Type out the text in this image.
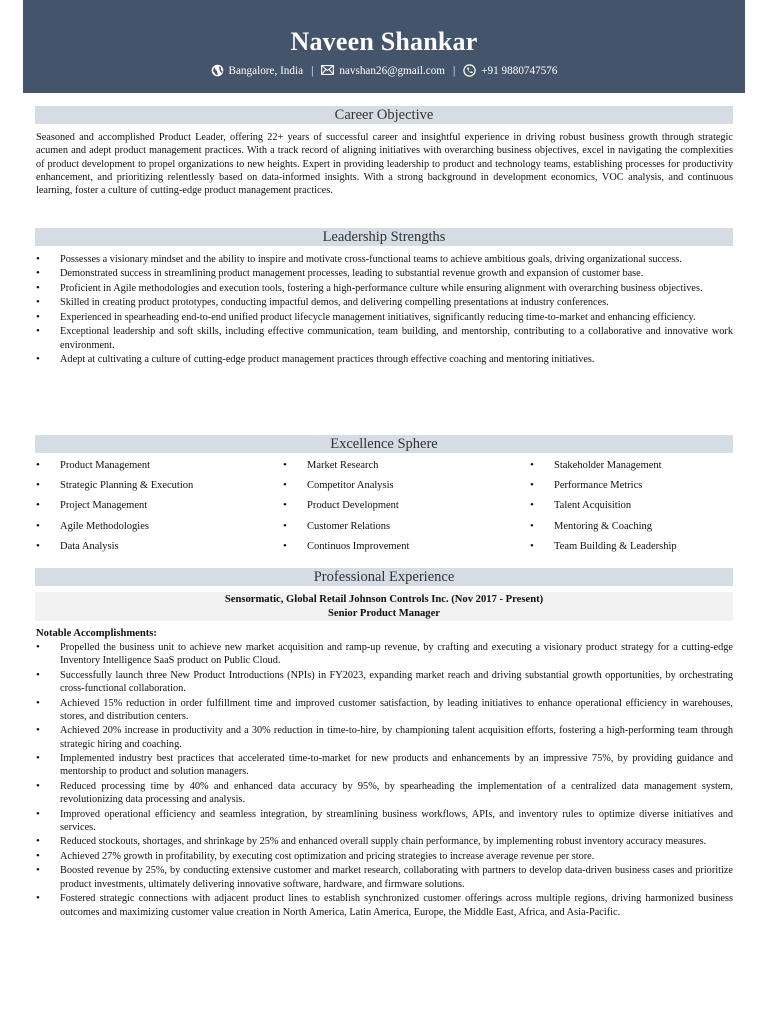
Naveen Shankar
Bangalore, India | navshan26@gmail.com | +91 9880747576
Career Objective
Seasoned and accomplished Product Leader, offering 22+ years of successful career and insightful experience in driving robust business growth through strategic acumen and adept product management practices. With a track record of aligning initiatives with overarching business objectives, excel in navigating the complexities of product development to propel organizations to new heights. Expert in providing leadership to product and technology teams, establishing processes for productivity enhancement, and prioritizing relentlessly based on data-informed insights. With a strong background in development economics, VOC analysis, and continuous learning, foster a culture of cutting-edge product management practices.
Leadership Strengths
• Possesses a visionary mindset and the ability to inspire and motivate cross-functional teams to achieve ambitious goals, driving organizational success.
• Demonstrated success in streamlining product management processes, leading to substantial revenue growth and expansion of customer base.
• Proficient in Agile methodologies and execution tools, fostering a high-performance culture while ensuring alignment with overarching business objectives.
• Skilled in creating product prototypes, conducting impactful demos, and delivering compelling presentations at industry conferences.
• Experienced in spearheading end-to-end unified product lifecycle management initiatives, significantly reducing time-to-market and enhancing efficiency.
• Exceptional leadership and soft skills, including effective communication, team building, and mentorship, contributing to a collaborative and innovative work environment.
• Adept at cultivating a culture of cutting-edge product management practices through effective coaching and mentoring initiatives.
Excellence Sphere
• Product Management	• Market Research	• Stakeholder Management
• Strategic Planning & Execution	• Competitor Analysis	• Performance Metrics
• Project Management	• Product Development	• Talent Acquisition
• Agile Methodologies	• Customer Relations	• Mentoring & Coaching
• Data Analysis	• Continuos Improvement	• Team Building & Leadership
Professional Experience
Sensormatic, Global Retail Johnson Controls Inc. (Nov 2017 - Present)
Senior Product Manager
Notable Accomplishments:
• Propelled the business unit to achieve new market acquisition and ramp-up revenue, by crafting and executing a visionary product strategy for a cutting-edge Inventory Intelligence SaaS product on Public Cloud.
• Successfully launch three New Product Introductions (NPIs) in FY2023, expanding market reach and driving substantial growth opportunities, by orchestrating cross-functional collaboration.
• Achieved 15% reduction in order fulfillment time and improved customer satisfaction, by leading initiatives to enhance operational efficiency in warehouses, stores, and distribution centers.
• Achieved 20% increase in productivity and a 30% reduction in time-to-hire, by championing talent acquisition efforts, fostering a high-performing team through strategic hiring and coaching.
• Implemented industry best practices that accelerated time-to-market for new products and enhancements by an impressive 75%, by providing guidance and mentorship to product and solution managers.
• Reduced processing time by 40% and enhanced data accuracy by 95%, by spearheading the implementation of a centralized data management system, revolutionizing data processing and analysis.
• Improved operational efficiency and seamless integration, by streamlining business workflows, APIs, and inventory rules to optimize diverse initiatives and services.
• Reduced stockouts, shortages, and shrinkage by 25% and enhanced overall supply chain performance, by implementing robust inventory accuracy measures.
• Achieved 27% growth in profitability, by executing cost optimization and pricing strategies to increase average revenue per store.
• Boosted revenue by 25%, by conducting extensive customer and market research, collaborating with partners to develop data-driven business cases and prioritize product investments, ultimately delivering innovative software, hardware, and firmware solutions.
• Fostered strategic connections with adjacent product lines to establish synchronized customer offerings across multiple regions, driving harmonized business outcomes and maximizing customer value creation in North America, Latin America, Europe, the Middle East, Africa, and Asia-Pacific.
